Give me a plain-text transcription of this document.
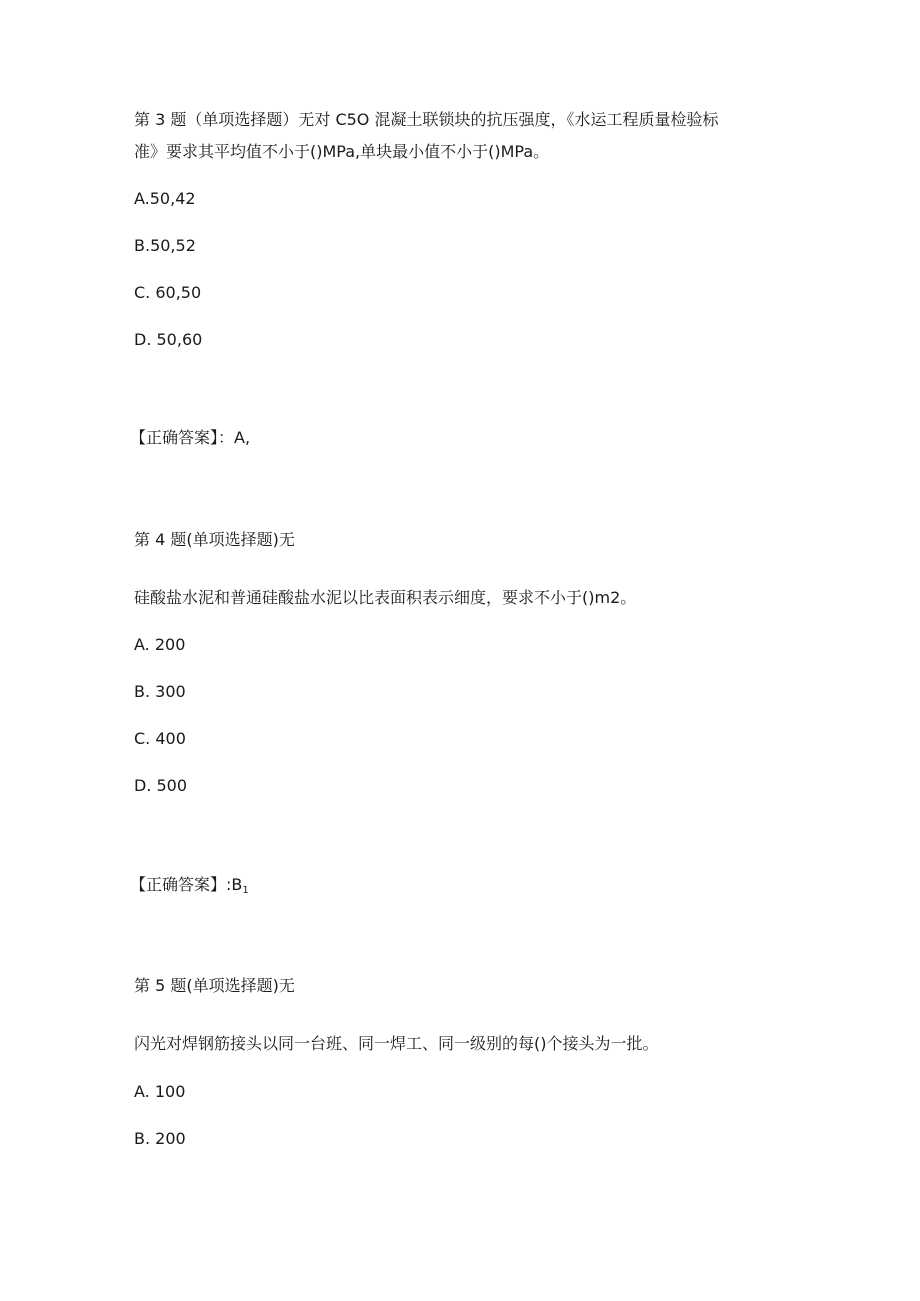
第 3 题（单项选择题）无对 C5O 混凝土联锁块的抗压强度，《水运工程质量检验标
准》要求其平均值不小于()MPa,单块最小值不小于()MPa。
A.50,42
B.50,52
C. 60,50
D. 50,60
【正确答案】：A,
第 4 题(单项选择题)无
硅酸盐水泥和普通硅酸盐水泥以比表面积表示细度，要求不小于()m2。
A. 200
B. 300
C. 400
D. 500
【正确答案】$:B_1$
第 5 题(单项选择题)无
闪光对焊钢筋接头以同一台班、同一焊工、同一级别的每()个接头为一批。
A. 100
B. 200
